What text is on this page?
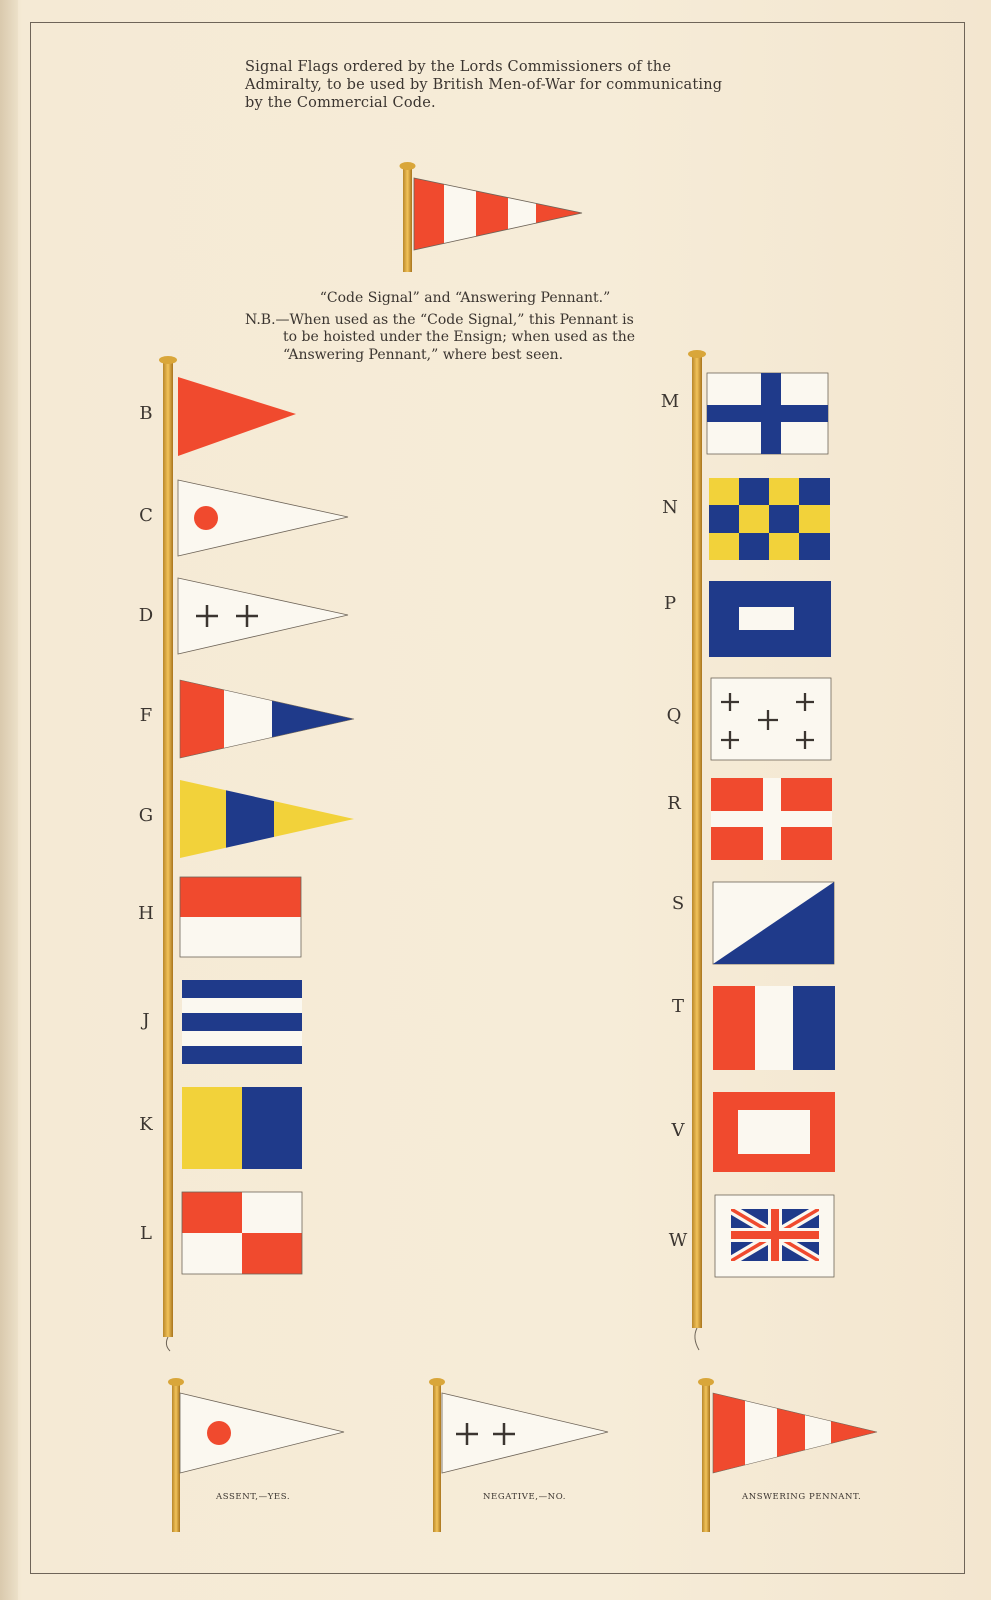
Signal Flags ordered by the Lords Commissioners of the
Admiralty, to be used by British Men-of-War for communicating
by the Commercial Code.
“Code Signal” and “Answering Pennant.”
N.B.—When used as the “Code Signal,” this Pennant is
to be hoisted under the Ensign; when used as the
“Answering Pennant,” where best seen.
B
C
D
F
G
H
J
K
L
M
N
P
Q
R
S
T
V
W
ASSENT,—YES.	NEGATIVE,—NO.	ANSWERING PENNANT.
